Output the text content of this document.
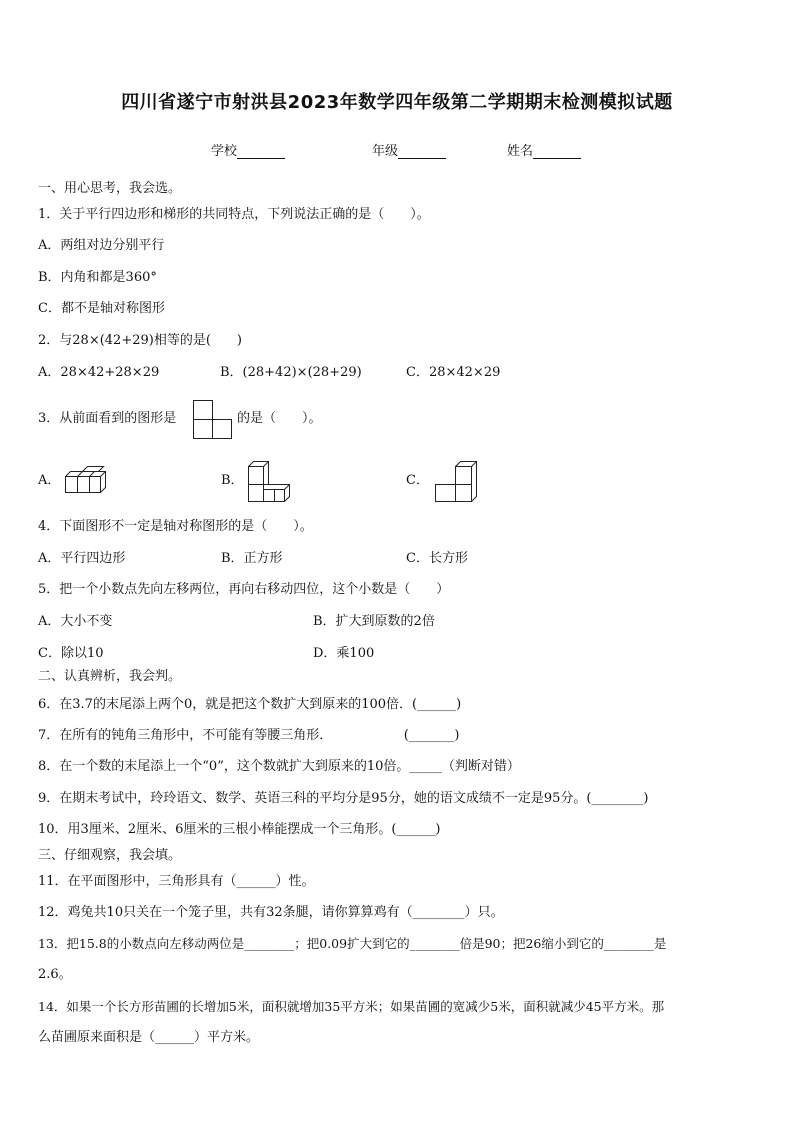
四川省遂宁市射洪县2023年数学四年级第二学期期末检测模拟试题
学校	年级	姓名
一、用心思考，我会选。
1．关于平行四边形和梯形的共同特点，下列说法正确的是（　　）。
A．两组对边分别平行
B．内角和都是360°
C．都不是轴对称图形
2．与28×(42+29)相等的是(　　)
A．28×42+28×29	B．(28+42)×(28+29)	C．28×42×29
3．从前面看到的图形是	的是（　　）。
A．	B．	C．
4．下面图形不一定是轴对称图形的是（　　）。
A．平行四边形	B．正方形	C．长方形
5．把一个小数点先向左移两位，再向右移动四位，这个小数是（　　）
A．大小不变	B．扩大到原数的2倍
C．除以10	D．乘100
二、认真辨析，我会判。
6．在3.7的末尾添上两个0，就是把这个数扩大到原来的100倍．(______)
7．在所有的钝角三角形中，不可能有等腰三角形．　　　　　　(_______)
8．在一个数的末尾添上一个“0”，这个数就扩大到原来的10倍。_____（判断对错）
9．在期末考试中，玲玲语文、数学、英语三科的平均分是95分，她的语文成绩不一定是95分。(________)
10．用3厘米、2厘米、6厘米的三根小棒能摆成一个三角形。(______)
三、仔细观察，我会填。
11．在平面图形中，三角形具有（______）性。
12．鸡兔共10只关在一个笼子里，共有32条腿，请你算算鸡有（________）只。
13．把15.8的小数点向左移动两位是________；把0.09扩大到它的________倍是90；把26缩小到它的________是
2.6。
14．如果一个长方形苗圃的长增加5米，面积就增加35平方米；如果苗圃的宽减少5米，面积就减少45平方米。那
么苗圃原来面积是（______）平方米。
